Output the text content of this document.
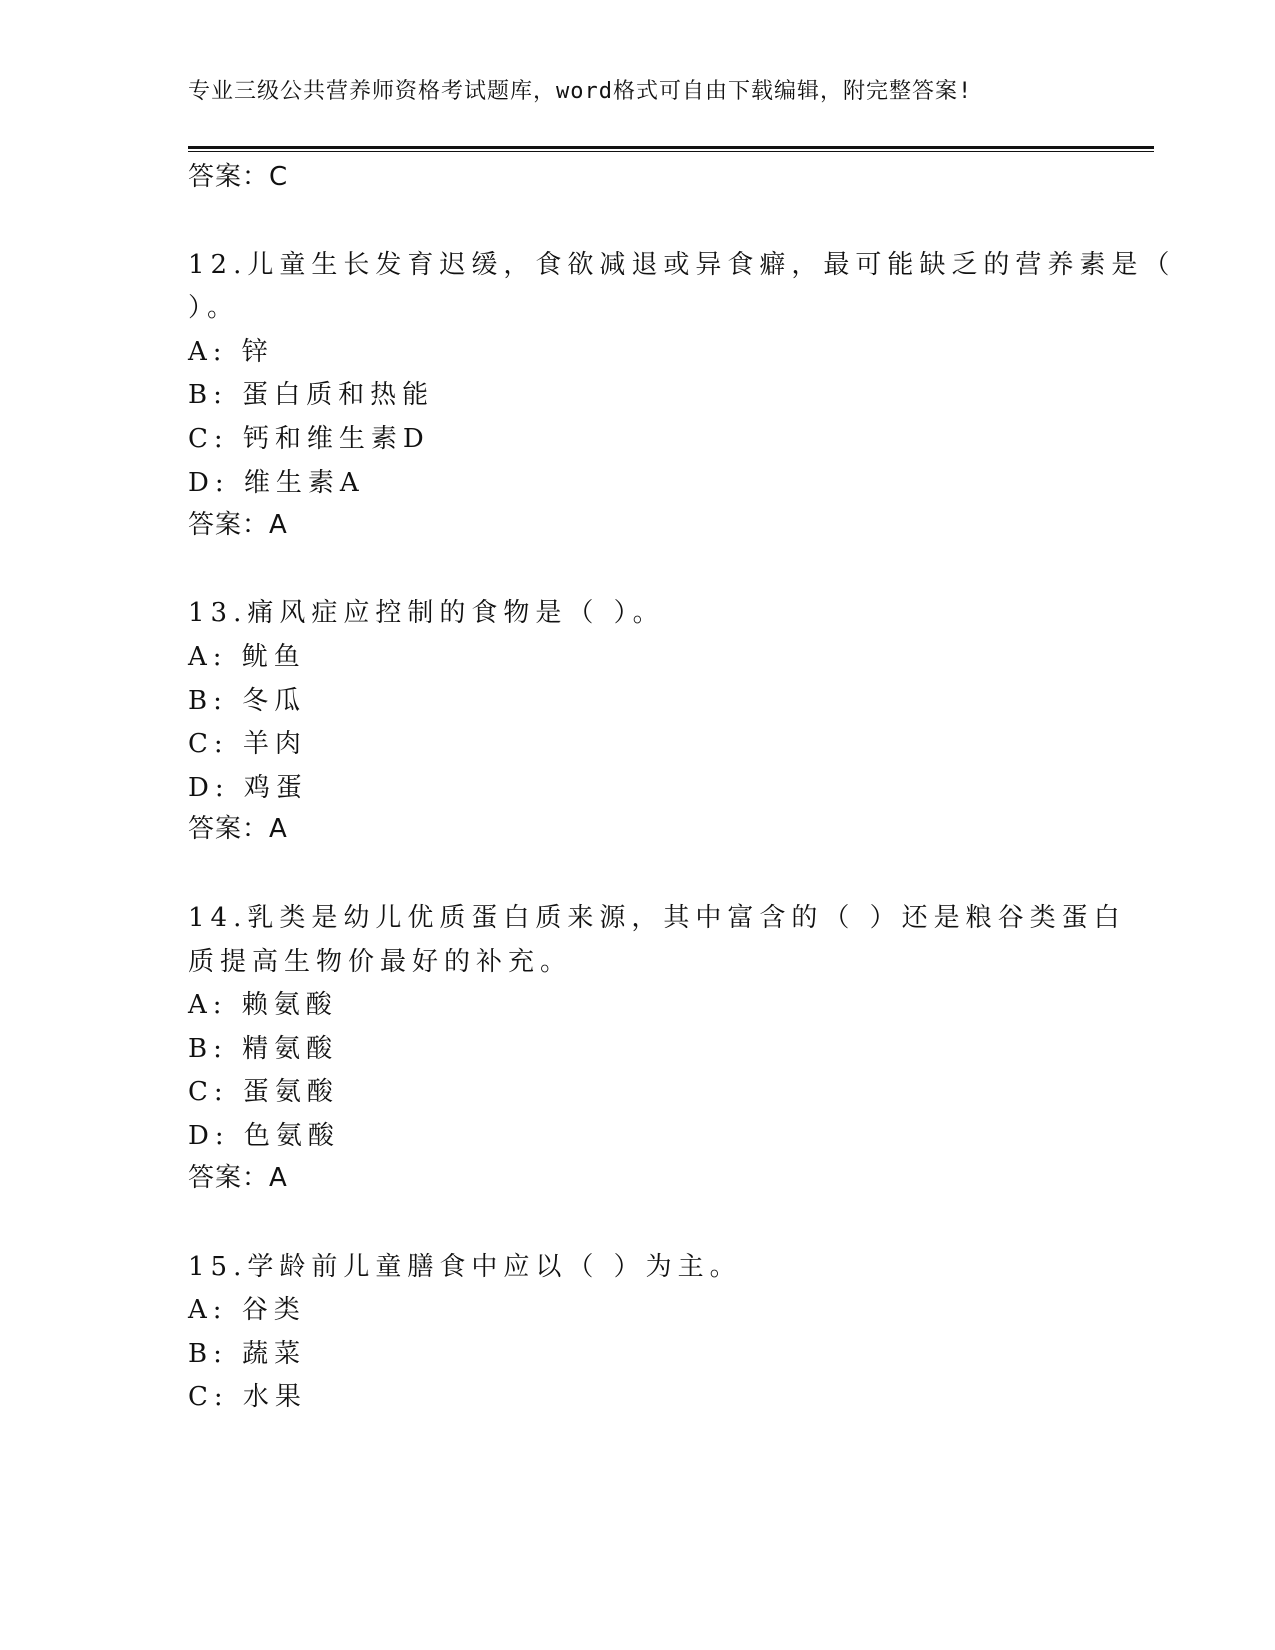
专业三级公共营养师资格考试题库，word格式可自由下载编辑，附完整答案!
答案：C
12.儿童生长发育迟缓，食欲减退或异食癖，最可能缺乏的营养素是（
）。
A: 锌
B: 蛋白质和热能
C: 钙和维生素D
D: 维生素A
答案：A
13.痛风症应控制的食物是（ ）。
A: 鱿鱼
B: 冬瓜
C: 羊肉
D: 鸡蛋
答案：A
14.乳类是幼儿优质蛋白质来源，其中富含的（ ）还是粮谷类蛋白
质提高生物价最好的补充。
A: 赖氨酸
B: 精氨酸
C: 蛋氨酸
D: 色氨酸
答案：A
15.学龄前儿童膳食中应以（ ）为主。
A: 谷类
B: 蔬菜
C: 水果
